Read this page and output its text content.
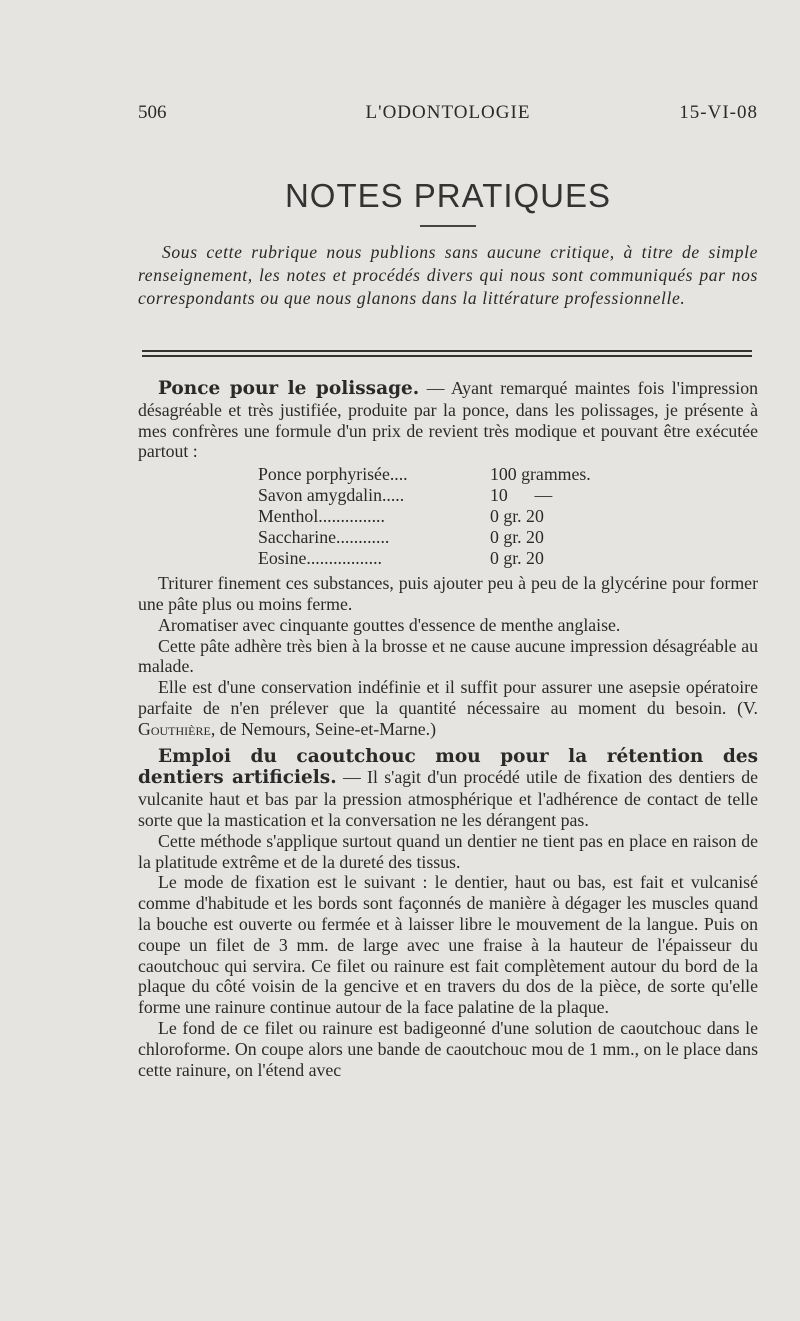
506	L'ODONTOLOGIE	15-VI-08
NOTES PRATIQUES

Sous cette rubrique nous publions sans aucune critique, à titre de simple renseignement, les notes et procédés divers qui nous sont communiqués par nos correspondants ou que nous glanons dans la littérature professionnelle.

Ponce pour le polissage. — Ayant remarqué maintes fois l'impression désagréable et très justifiée, produite par la ponce, dans les polissages, je présente à mes confrères une formule d'un prix de revient très modique et pouvant être exécutée partout :

Ponce porphyrisée....	100 grammes.
Savon amygdalin.....	10      —
Menthol...............	0 gr. 20
Saccharine............	0 gr. 20
Eosine.................	0 gr. 20

Triturer finement ces substances, puis ajouter peu à peu de la glycérine pour former une pâte plus ou moins ferme.

Aromatiser avec cinquante gouttes d'essence de menthe anglaise.

Cette pâte adhère très bien à la brosse et ne cause aucune impression désagréable au malade.

Elle est d'une conservation indéfinie et il suffit pour assurer une asepsie opératoire parfaite de n'en prélever que la quantité nécessaire au moment du besoin. (V. Gouthière, de Nemours, Seine-et-Marne.)

Emploi du caoutchouc mou pour la rétention des dentiers artificiels. — Il s'agit d'un procédé utile de fixation des dentiers de vulcanite haut et bas par la pression atmosphérique et l'adhérence de contact de telle sorte que la mastication et la conversation ne les dérangent pas.

Cette méthode s'applique surtout quand un dentier ne tient pas en place en raison de la platitude extrême et de la dureté des tissus.

Le mode de fixation est le suivant : le dentier, haut ou bas, est fait et vulcanisé comme d'habitude et les bords sont façonnés de manière à dégager les muscles quand la bouche est ouverte ou fermée et à laisser libre le mouvement de la langue. Puis on coupe un filet de 3 mm. de large avec une fraise à la hauteur de l'épaisseur du caoutchouc qui servira. Ce filet ou rainure est fait complètement autour du bord de la plaque du côté voisin de la gencive et en travers du dos de la pièce, de sorte qu'elle forme une rainure continue autour de la face palatine de la plaque.

Le fond de ce filet ou rainure est badigeonné d'une solution de caoutchouc dans le chloroforme. On coupe alors une bande de caoutchouc mou de 1 mm., on le place dans cette rainure, on l'étend avec
